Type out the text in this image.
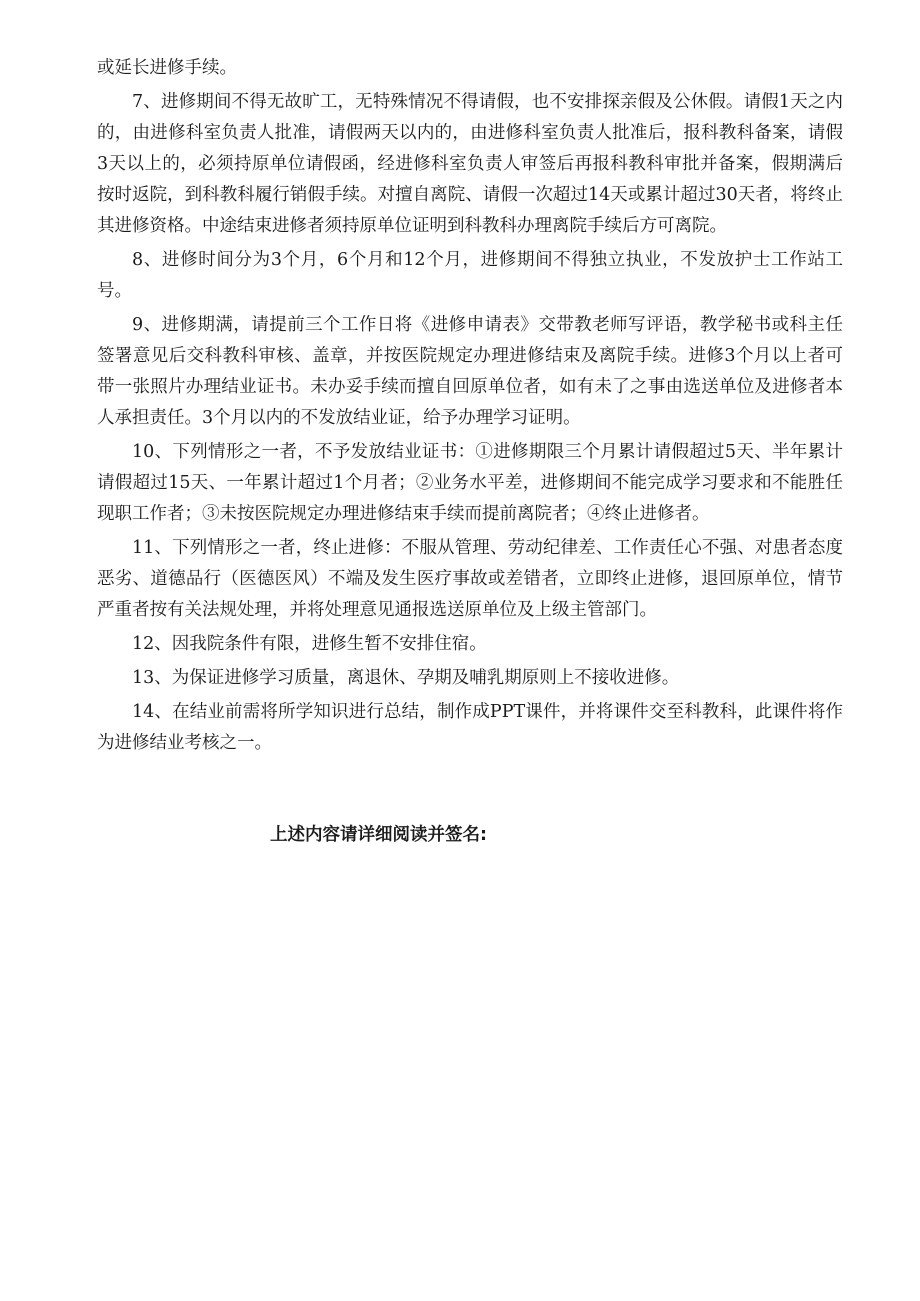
或延长进修手续。

7、进修期间不得无故旷工，无特殊情况不得请假，也不安排探亲假及公休假。请假1天之内的，由进修科室负责人批准，请假两天以内的，由进修科室负责人批准后，报科教科备案，请假3天以上的，必须持原单位请假函，经进修科室负责人审签后再报科教科审批并备案，假期满后按时返院，到科教科履行销假手续。对擅自离院、请假一次超过14天或累计超过30天者，将终止其进修资格。中途结束进修者须持原单位证明到科教科办理离院手续后方可离院。

8、进修时间分为3个月，6个月和12个月，进修期间不得独立执业，不发放护士工作站工号。

9、进修期满，请提前三个工作日将《进修申请表》交带教老师写评语，教学秘书或科主任签署意见后交科教科审核、盖章，并按医院规定办理进修结束及离院手续。进修3个月以上者可带一张照片办理结业证书。未办妥手续而擅自回原单位者，如有未了之事由选送单位及进修者本人承担责任。3个月以内的不发放结业证，给予办理学习证明。

10、下列情形之一者，不予发放结业证书：①进修期限三个月累计请假超过5天、半年累计请假超过15天、一年累计超过1个月者；②业务水平差，进修期间不能完成学习要求和不能胜任现职工作者；③未按医院规定办理进修结束手续而提前离院者；④终止进修者。

11、下列情形之一者，终止进修：不服从管理、劳动纪律差、工作责任心不强、对患者态度恶劣、道德品行（医德医风）不端及发生医疗事故或差错者，立即终止进修，退回原单位，情节严重者按有关法规处理，并将处理意见通报选送原单位及上级主管部门。

12、因我院条件有限，进修生暂不安排住宿。

13、为保证进修学习质量，离退休、孕期及哺乳期原则上不接收进修。

14、在结业前需将所学知识进行总结，制作成PPT课件，并将课件交至科教科，此课件将作为进修结业考核之一。

上述内容请详细阅读并签名:
